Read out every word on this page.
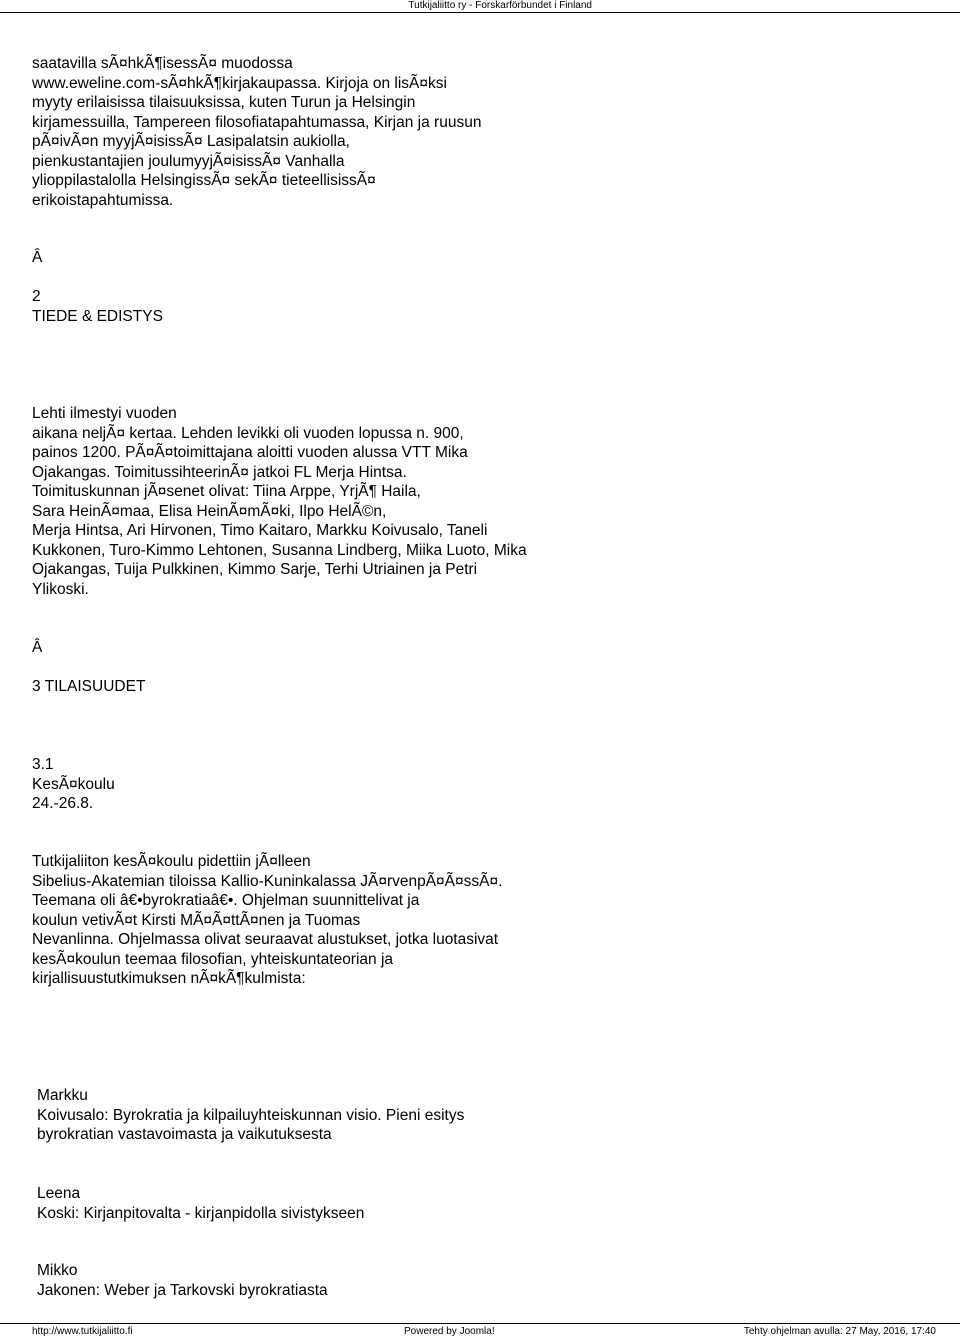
Tutkijaliitto ry - Forskarförbundet i Finland
saatavilla sÃ¤hkÃ¶isessÃ¤ muodossa
www.eweline.com-sÃ¤hkÃ¶kirjakaupassa. Kirjoja on lisÃ¤ksi
myyty erilaisissa tilaisuuksissa, kuten Turun ja Helsingin
kirjamessuilla, Tampereen filosofiatapahtumassa, Kirjan ja ruusun
pÃ¤ivÃ¤n myyjÃ¤isissÃ¤ Lasipalatsin aukiolla,
pienkustantajien joulumyyjÃ¤isissÃ¤ Vanhalla
ylioppilastalolla HelsingissÃ¤ sekÃ¤ tieteellisissÃ¤
erikoistapahtumissa.
Â
2
TIEDE & EDISTYS
Lehti ilmestyi vuoden
aikana neljÃ¤ kertaa. Lehden levikki oli vuoden lopussa n. 900,
painos 1200. PÃ¤Ã¤toimittajana aloitti vuoden alussa VTT Mika
Ojakangas. ToimitussihteerinÃ¤ jatkoi FL Merja Hintsa.
Toimituskunnan jÃ¤senet olivat: Tiina Arppe, YrjÃ¶ Haila,
Sara HeinÃ¤maa, Elisa HeinÃ¤mÃ¤ki, Ilpo HelÃ©n,
Merja Hintsa, Ari Hirvonen, Timo Kaitaro, Markku Koivusalo, Taneli
Kukkonen, Turo-Kimmo Lehtonen, Susanna Lindberg, Miika Luoto, Mika
Ojakangas, Tuija Pulkkinen, Kimmo Sarje, Terhi Utriainen ja Petri
Ylikoski.
Â
3 TILAISUUDET
3.1
KesÃ¤koulu
24.-26.8.
Tutkijaliiton kesÃ¤koulu pidettiin jÃ¤lleen
Sibelius-Akatemian tiloissa Kallio-Kuninkalassa JÃ¤rvenpÃ¤Ã¤ssÃ¤.
Teemana oli â€•byrokratiaâ€•. Ohjelman suunnittelivat ja
koulun vetivÃ¤t Kirsti MÃ¤Ã¤ttÃ¤nen ja Tuomas
Nevanlinna. Ohjelmassa olivat seuraavat alustukset, jotka luotasivat
kesÃ¤koulun teemaa filosofian, yhteiskuntateorian ja
kirjallisuustutkimuksen nÃ¤kÃ¶kulmista:
Markku
Koivusalo: Byrokratia ja kilpailuyhteiskunnan visio. Pieni esitys
byrokratian vastavoimasta ja vaikutuksesta
Leena
Koski: Kirjanpitovalta - kirjanpidolla sivistykseen
Mikko
Jakonen: Weber ja Tarkovski byrokratiasta
http://www.tutkijaliitto.fi	Powered by Joomla!	Tehty ohjelman avulla: 27 May, 2016, 17:40
